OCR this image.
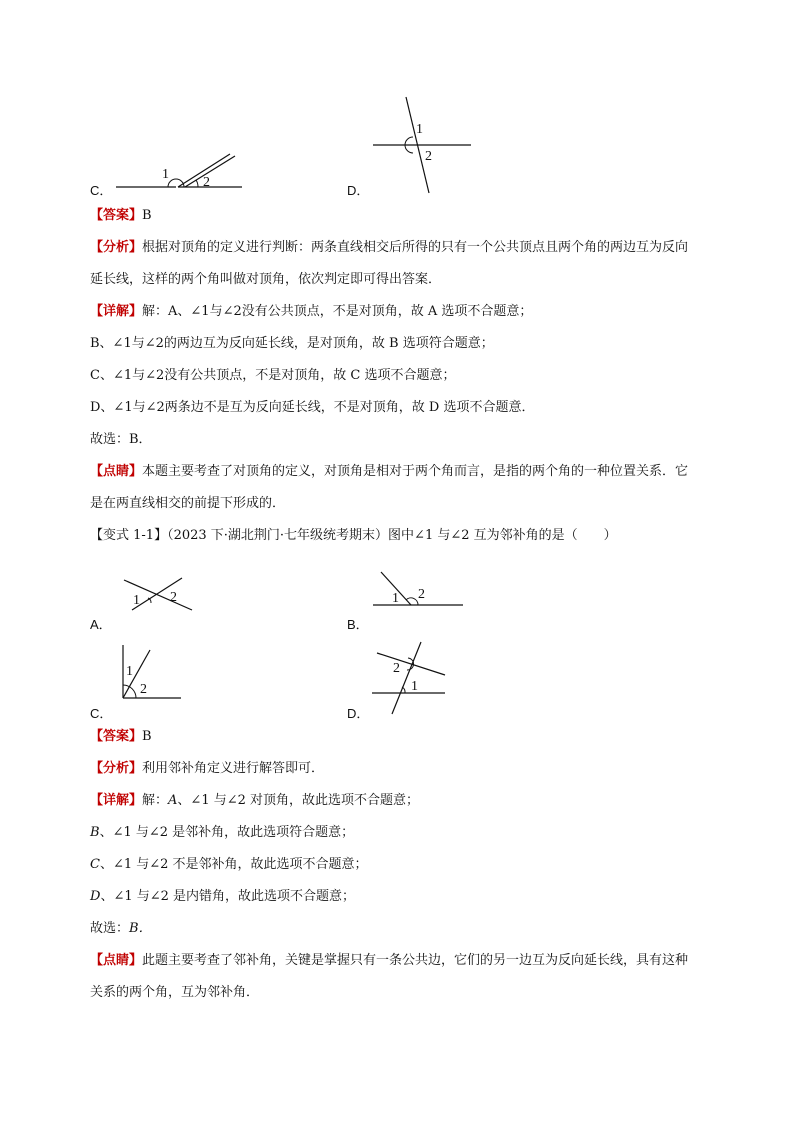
C．
1
2
D．
1
2
【答案】B
【分析】根据对顶角的定义进行判断：两条直线相交后所得的只有一个公共顶点且两个角的两边互为反向
延长线，这样的两个角叫做对顶角，依次判定即可得出答案．
【详解】解：A、∠1与∠2没有公共顶点，不是对顶角，故 A 选项不合题意；
B、∠1与∠2的两边互为反向延长线，是对顶角，故 B 选项符合题意；
C、∠1与∠2没有公共顶点，不是对顶角，故 C 选项不合题意；
D、∠1与∠2两条边不是互为反向延长线，不是对顶角，故 D 选项不合题意．
故选：B．
【点睛】本题主要考查了对顶角的定义，对顶角是相对于两个角而言，是指的两个角的一种位置关系．它
是在两直线相交的前提下形成的．
【变式 1-1】（2023 下·湖北荆门·七年级统考期末）图中∠1 与∠2 互为邻补角的是（　　）
A．
1 2
B．
1 2
C．
1
2
D．
2
1
【答案】B
【分析】利用邻补角定义进行解答即可．
【详解】解：A、∠1 与∠2 对顶角，故此选项不合题意；
B、∠1 与∠2 是邻补角，故此选项符合题意；
C、∠1 与∠2 不是邻补角，故此选项不合题意；
D、∠1 与∠2 是内错角，故此选项不合题意；
故选：B．
【点睛】此题主要考查了邻补角，关键是掌握只有一条公共边，它们的另一边互为反向延长线，具有这种
关系的两个角，互为邻补角．
